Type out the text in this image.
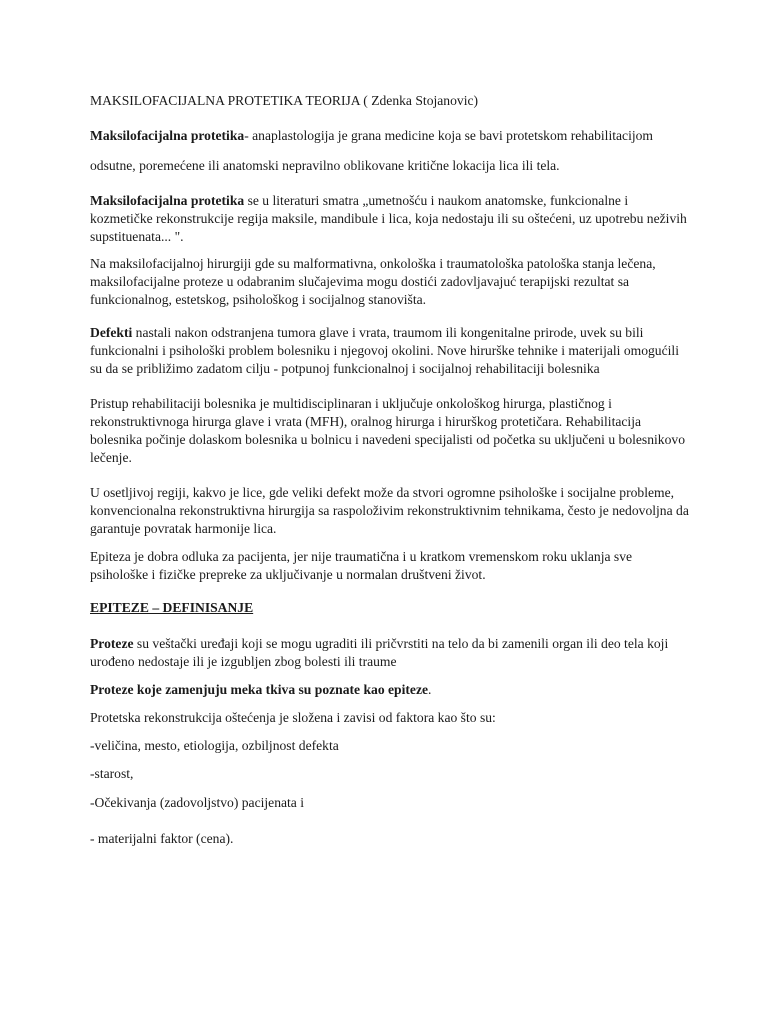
MAKSILOFACIJALNA PROTETIKA TEORIJA ( Zdenka Stojanovic)

Maksilofacijalna protetika- anaplastologija je grana medicine koja se bavi protetskom rehabilitacijom
odsutne, poremećene ili anatomski nepravilno oblikovane kritične lokacija lica ili tela.

Maksilofacijalna protetika se u literaturi smatra „umetnošću i naukom anatomske, funkcionalne i kozmetičke rekonstrukcije regija maksile, mandibule i lica, koja nedostaju ili su oštećeni, uz upotrebu neživih supstituenata... ".

Na maksilofacijalnoj hirurgiji gde su malformativna, onkološka i traumatološka patološka stanja lečena, maksilofacijalne proteze u odabranim slučajevima mogu dostići zadovljavajuć terapijski rezultat sa funkcionalnog, estetskog, psihološkog i socijalnog stanovišta.

Defekti nastali nakon odstranjena tumora glave i vrata, traumom ili kongenitalne prirode, uvek su bili funkcionalni i psihološki problem bolesniku i njegovoj okolini. Nove hirurške tehnike i materijali omogućili su da se približimo zadatom cilju - potpunoj funkcionalnoj i socijalnoj rehabilitaciji bolesnika

Pristup rehabilitaciji bolesnika je multidisciplinaran i uključuje onkološkog hirurga, plastičnog i rekonstruktivnoga hirurga glave i vrata (MFH), oralnog hirurga i hirurškog protetičara. Rehabilitacija bolesnika počinje dolaskom bolesnika u bolnicu i navedeni specijalisti od početka su uključeni u bolesnikovo lečenje.

U osetljivoj regiji, kakvo je lice, gde veliki defekt može da stvori ogromne psihološke i socijalne probleme, konvencionalna rekonstruktivna hirurgija sa raspoloživim rekonstruktivnim tehnikama, često je nedovoljna da garantuje povratak harmonije lica.

Epiteza je dobra odluka za pacijenta, jer nije traumatična i u kratkom vremenskom roku uklanja sve psihološke i fizičke prepreke za uključivanje u normalan društveni život.

EPITEZE – DEFINISANJE

Proteze su veštački uređaji koji se mogu ugraditi ili pričvrstiti na telo da bi zamenili organ ili deo tela koji urođeno nedostaje ili je izgubljen zbog bolesti ili traume

Proteze koje zamenjuju meka tkiva su poznate kao epiteze.

Protetska rekonstrukcija oštećenja je složena i zavisi od faktora kao što su:

-veličina, mesto, etiologija, ozbiljnost defekta

-starost,

-Očekivanja (zadovoljstvo) pacijenata i

- materijalni faktor (cena).
